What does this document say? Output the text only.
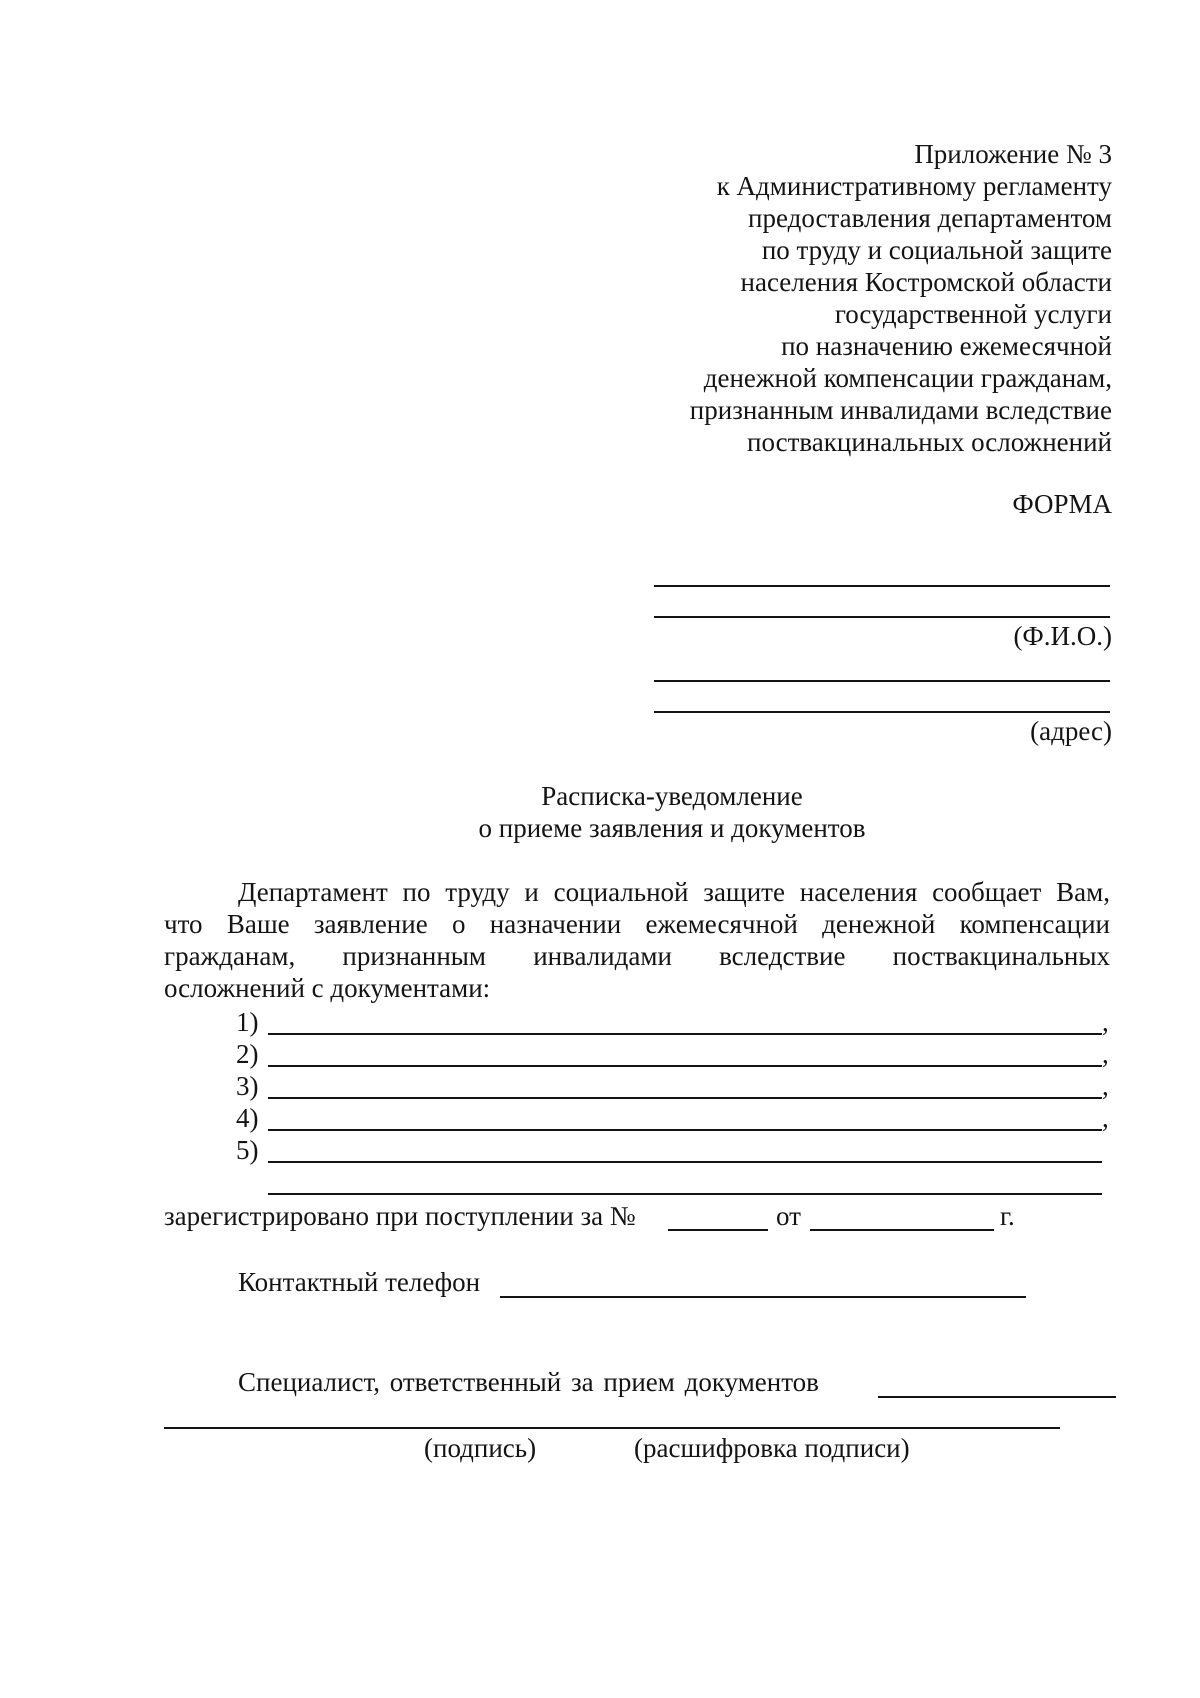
Приложение № 3
к Административному регламенту
предоставления департаментом
по труду и социальной защите
населения Костромской области
государственной услуги
по назначению ежемесячной
денежной компенсации гражданам,
признанным инвалидами вследствие
поствакцинальных осложнений
ФОРМА
(Ф.И.О.)
(адрес)
Расписка-уведомление
о приеме заявления и документов
Департамент по труду и социальной защите населения сообщает Вам,
что Ваше заявление о назначении ежемесячной денежной компенсации
гражданам, признанным инвалидами вследствие поствакцинальных
осложнений с документами:
1)	,
2)	,
3)	,
4)	,
5)
зарегистрировано при поступлении за №	от	г.
Контактный телефон
Специалист, ответственный за прием документов
(подпись)	(расшифровка подписи)
